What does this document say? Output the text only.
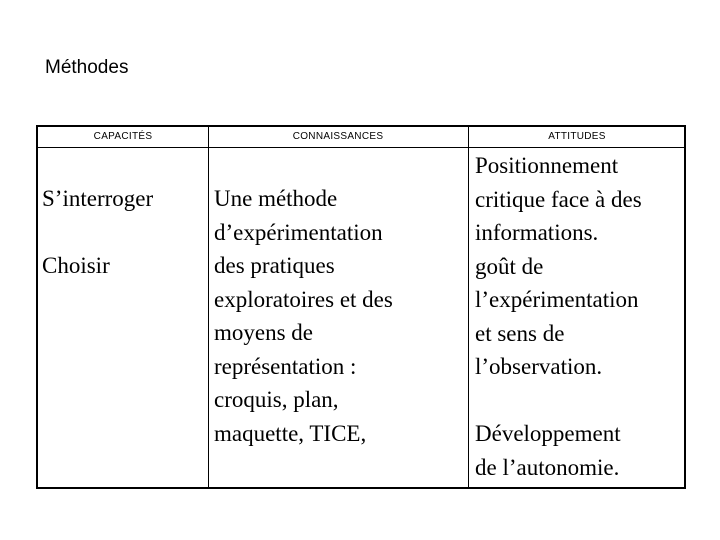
Méthodes
CAPACITÉS	CONNAISSANCES	ATTITUDES

S’interroger

Choisir

Une méthode

d’expérimentation

des pratiques

exploratoires et des

moyens de

représentation :

croquis, plan,

maquette, TICE,

Positionnement

critique face à des

informations.

goût de

l’expérimentation

et sens de

l’observation.

Développement

de l’autonomie.
